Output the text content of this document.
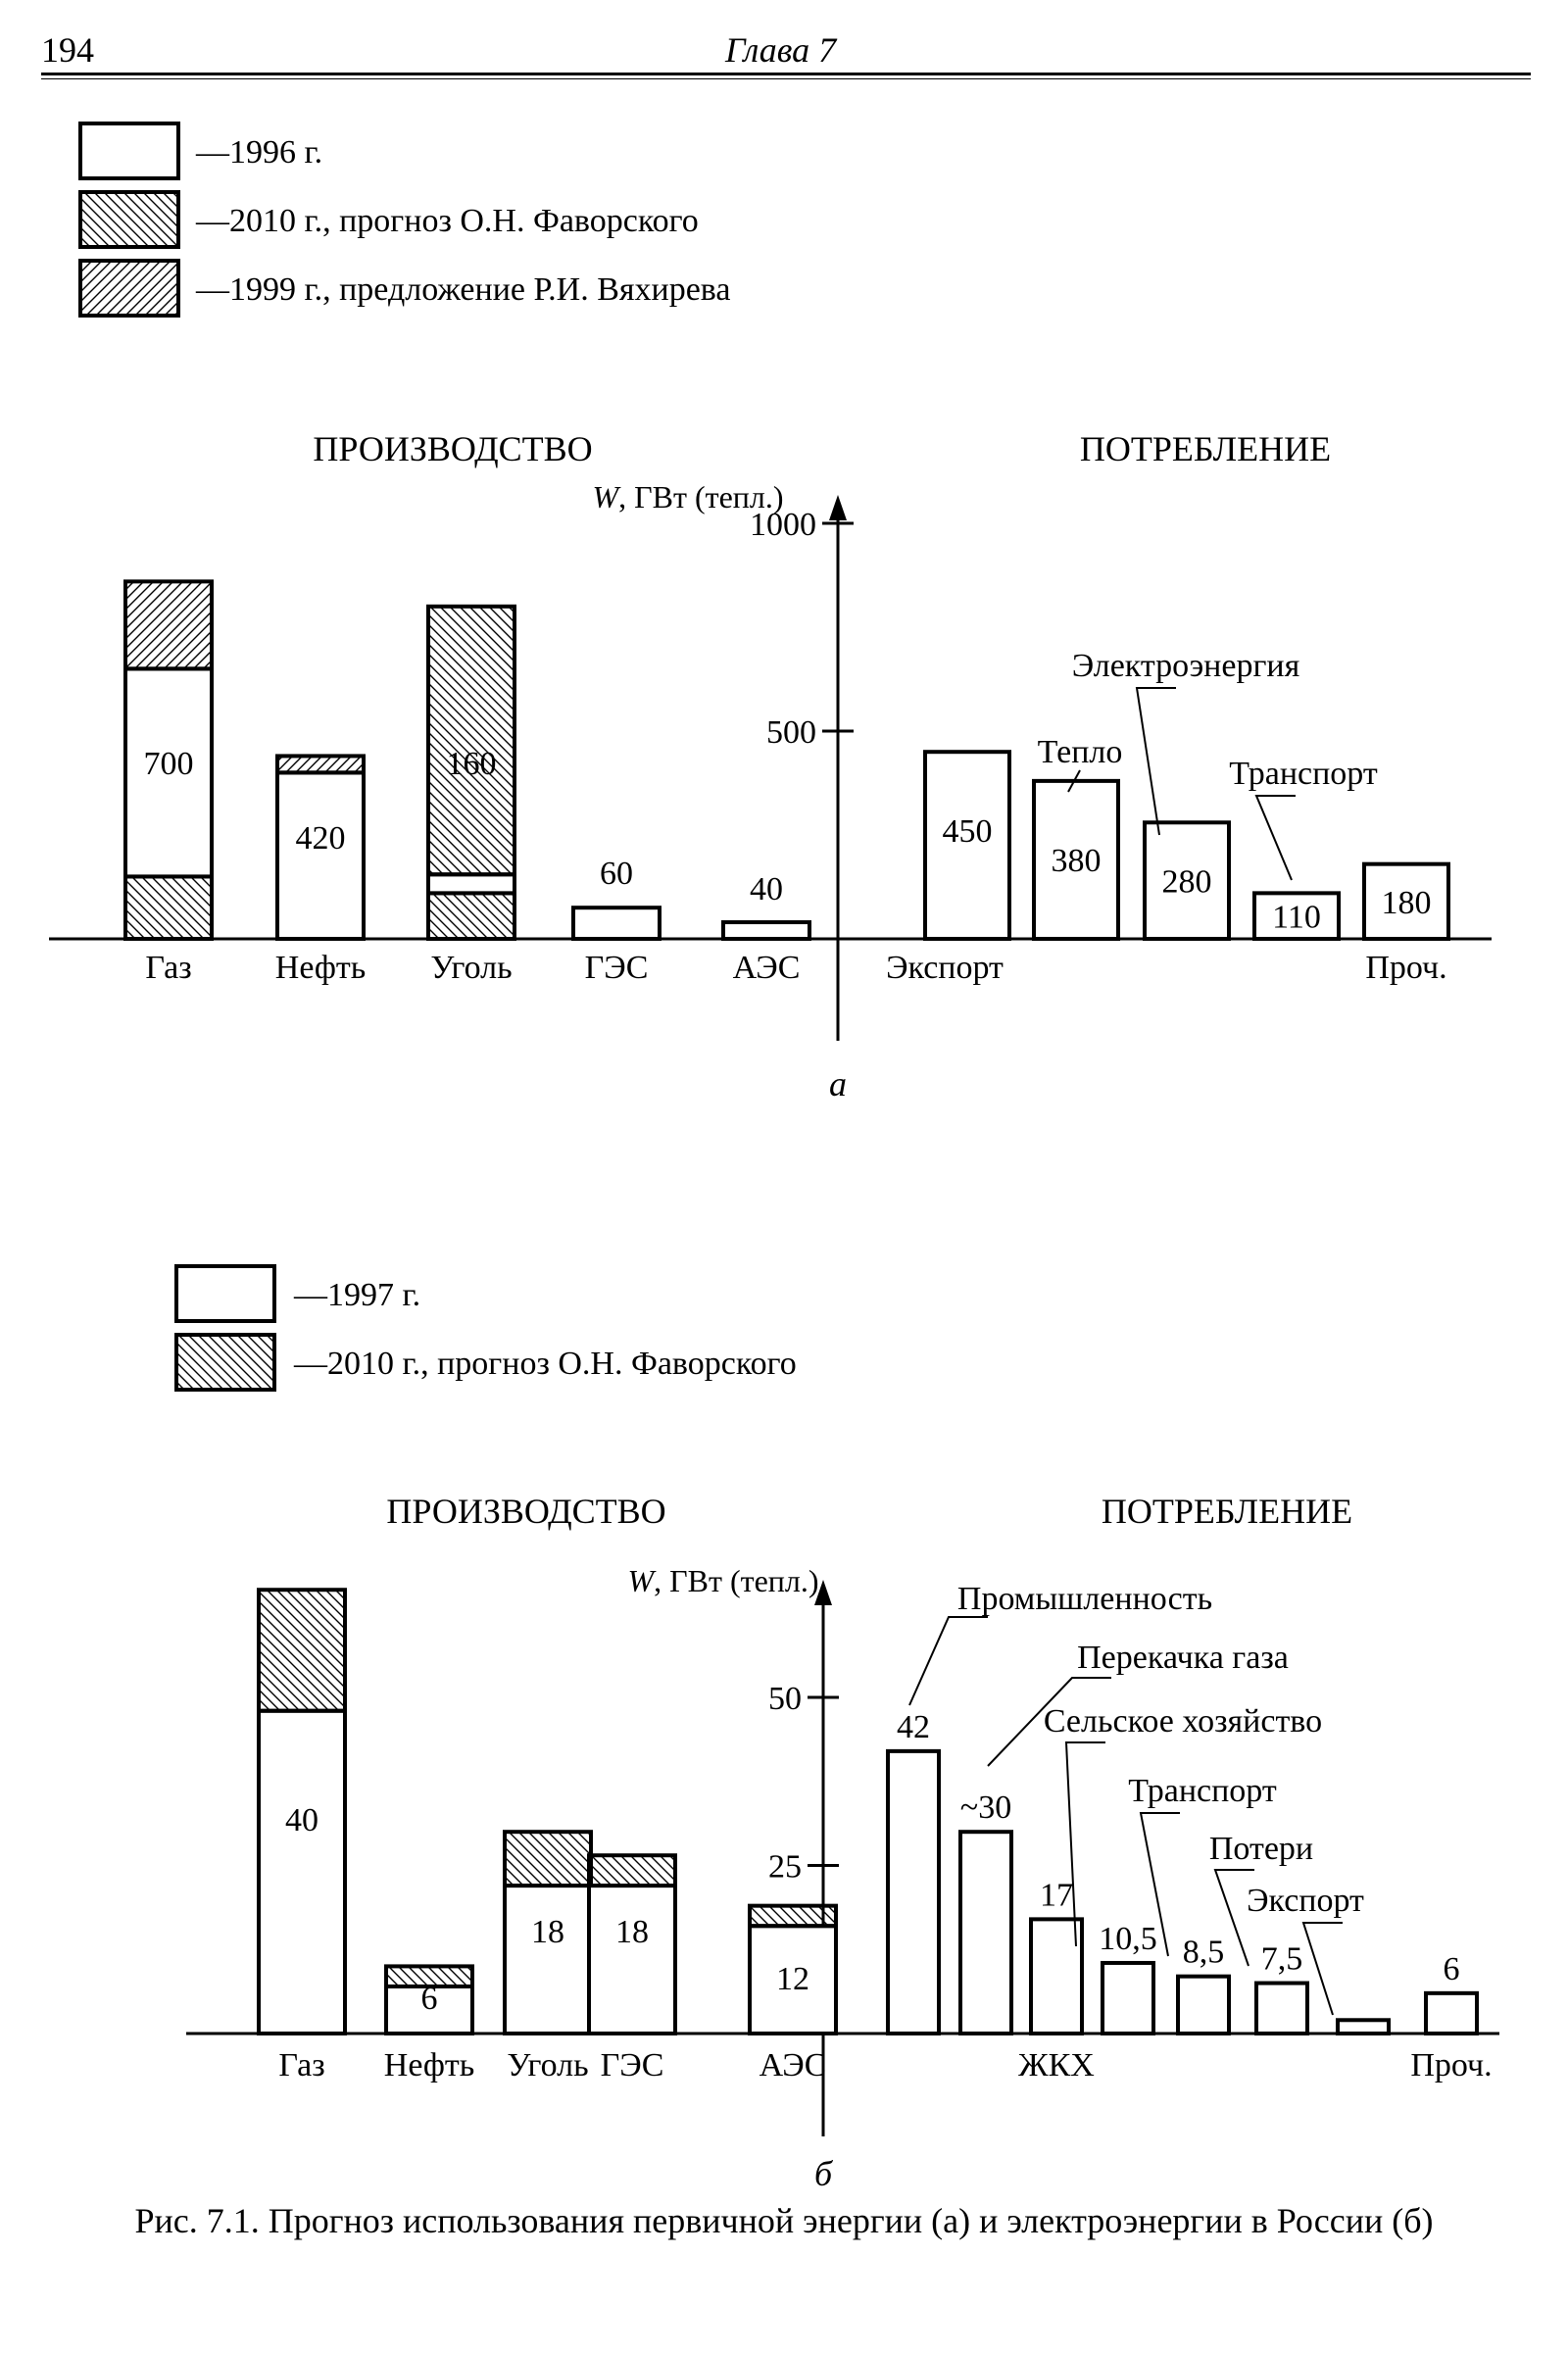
194	Глава 7
—1996 г.
—2010 г., прогноз О.Н. Фаворского
—1999 г., предложение Р.И. Вяхирева
ПРОИЗВОДСТВО	ПОТРЕБЛЕНИЕ
W, ГВт (тепл.)
1000
500
700
Газ
420
Нефть
160
Уголь
60
ГЭС
40
АЭС
450
Экспорт
380
Тепло
280
Электроэнергия
110
Транспорт
180
Проч.
а
—1997 г.
—2010 г., прогноз О.Н. Фаворского
ПРОИЗВОДСТВО	ПОТРЕБЛЕНИЕ
W, ГВт (тепл.)
50
25
40
Газ
6
Нефть
18
Уголь
18
ГЭС
12
АЭС
42
Промышленность
~30
Перекачка газа
17
ЖКХ
10,5
Сельское хозяйство
8,5
Транспорт
7,5
Потери
Экспорт
6
Проч.
б
Рис. 7.1. Прогноз использования первичной энергии (а) и электроэнергии в России (б)
